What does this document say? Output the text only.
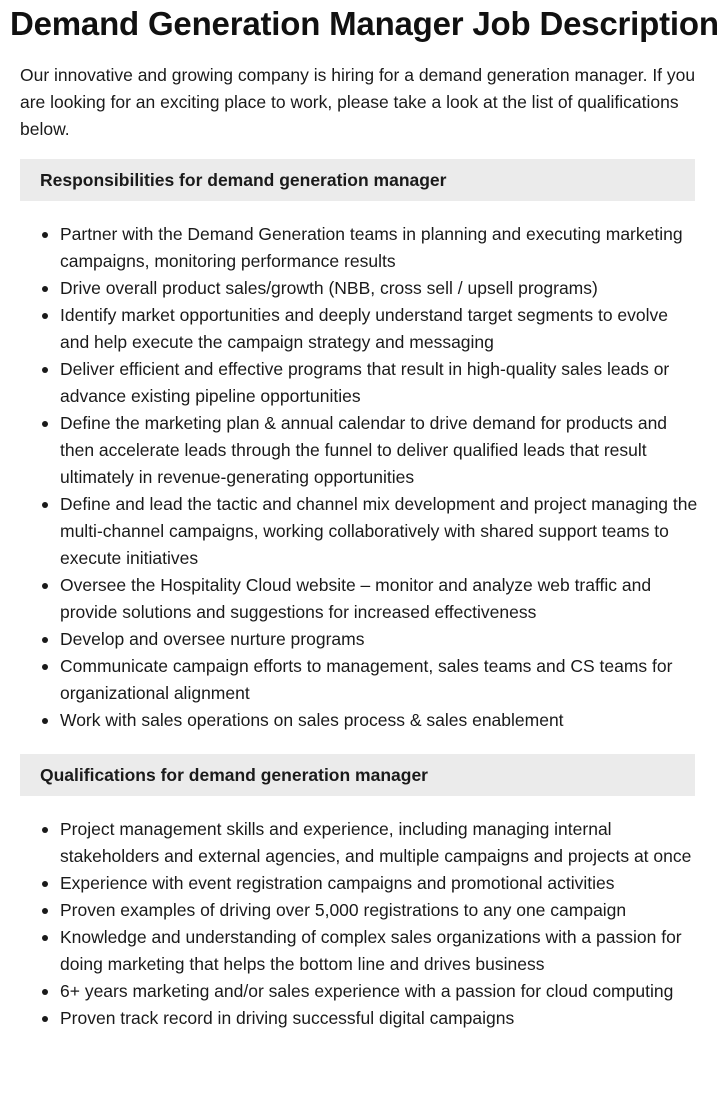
Demand Generation Manager Job Description

Our innovative and growing company is hiring for a demand generation manager. If you are looking for an exciting place to work, please take a look at the list of qualifications below.

Responsibilities for demand generation manager
Partner with the Demand Generation teams in planning and executing marketing campaigns, monitoring performance results
Drive overall product sales/growth (NBB, cross sell / upsell programs)
Identify market opportunities and deeply understand target segments to evolve and help execute the campaign strategy and messaging
Deliver efficient and effective programs that result in high-quality sales leads or advance existing pipeline opportunities
Define the marketing plan & annual calendar to drive demand for products and then accelerate leads through the funnel to deliver qualified leads that result ultimately in revenue-generating opportunities
Define and lead the tactic and channel mix development and project managing the multi-channel campaigns, working collaboratively with shared support teams to execute initiatives
Oversee the Hospitality Cloud website – monitor and analyze web traffic and provide solutions and suggestions for increased effectiveness
Develop and oversee nurture programs
Communicate campaign efforts to management, sales teams and CS teams for organizational alignment
Work with sales operations on sales process & sales enablement
Qualifications for demand generation manager
Project management skills and experience, including managing internal stakeholders and external agencies, and multiple campaigns and projects at once
Experience with event registration campaigns and promotional activities
Proven examples of driving over 5,000 registrations to any one campaign
Knowledge and understanding of complex sales organizations with a passion for doing marketing that helps the bottom line and drives business
6+ years marketing and/or sales experience with a passion for cloud computing
Proven track record in driving successful digital campaigns
